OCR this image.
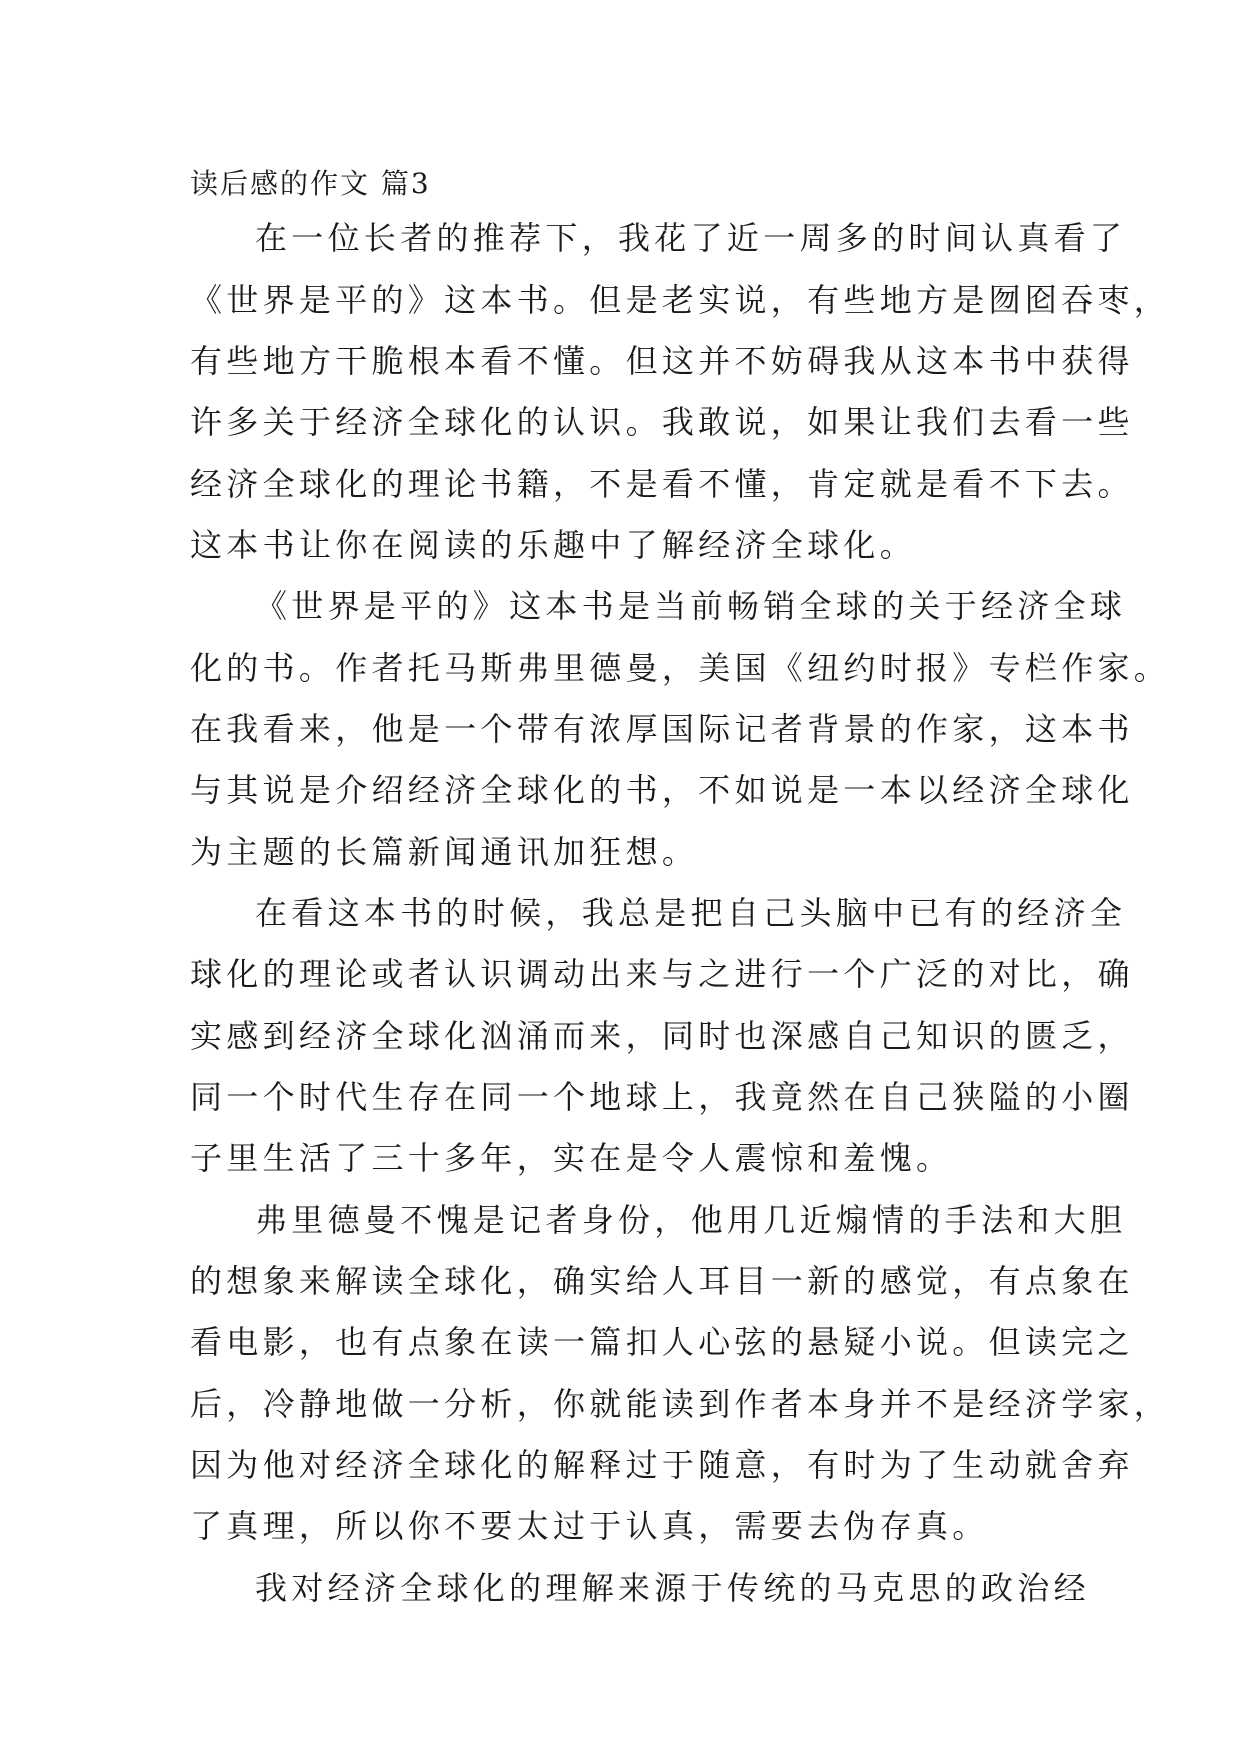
读后感的作文 篇3
在一位长者的推荐下，我花了近一周多的时间认真看了
《世界是平的》这本书。但是老实说，有些地方是囫囵吞枣，
有些地方干脆根本看不懂。但这并不妨碍我从这本书中获得
许多关于经济全球化的认识。我敢说，如果让我们去看一些
经济全球化的理论书籍，不是看不懂，肯定就是看不下去。
这本书让你在阅读的乐趣中了解经济全球化。
《世界是平的》这本书是当前畅销全球的关于经济全球
化的书。作者托马斯弗里德曼，美国《纽约时报》专栏作家。
在我看来，他是一个带有浓厚国际记者背景的作家，这本书
与其说是介绍经济全球化的书，不如说是一本以经济全球化
为主题的长篇新闻通讯加狂想。
在看这本书的时候，我总是把自己头脑中已有的经济全
球化的理论或者认识调动出来与之进行一个广泛的对比，确
实感到经济全球化汹涌而来，同时也深感自己知识的匮乏，
同一个时代生存在同一个地球上，我竟然在自己狭隘的小圈
子里生活了三十多年，实在是令人震惊和羞愧。
弗里德曼不愧是记者身份，他用几近煽情的手法和大胆
的想象来解读全球化，确实给人耳目一新的感觉，有点象在
看电影，也有点象在读一篇扣人心弦的悬疑小说。但读完之
后，冷静地做一分析，你就能读到作者本身并不是经济学家，
因为他对经济全球化的解释过于随意，有时为了生动就舍弃
了真理，所以你不要太过于认真，需要去伪存真。
我对经济全球化的理解来源于传统的马克思的政治经
